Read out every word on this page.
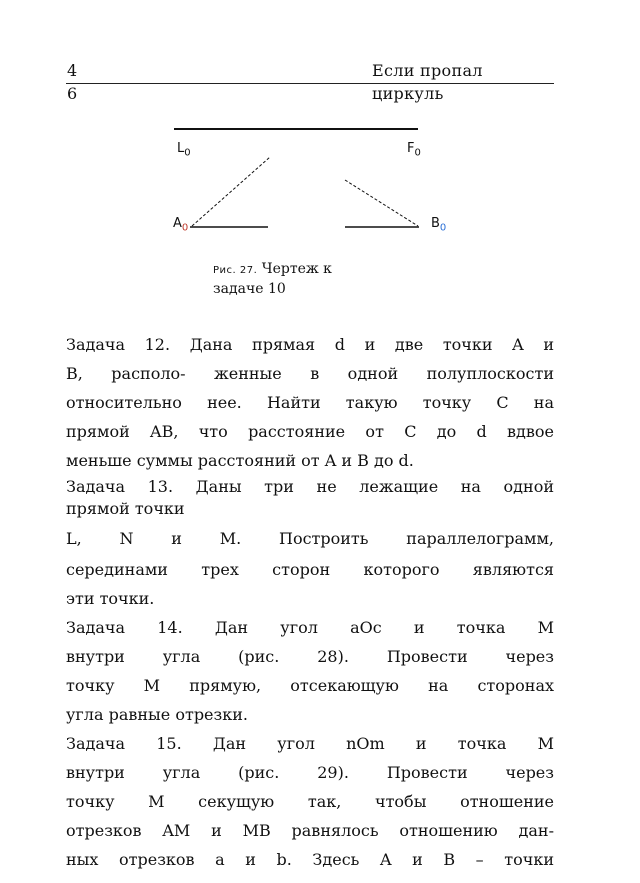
4
6
Если пропал
циркуль
$L_0$	$F_0$
$A_0$	$B_0$
Рис. 27. Чертеж к
задаче 10
Задача 12. Дана прямая d и две точки A и
B, располо- женные в одной полуплоскости
относительно нее. Найти такую точку C на
прямой AB, что расстояние от C до d вдвое
меньше суммы расстояний от A и B до d.
Задача 13. Даны три не лежащие на одной
прямой точки
L, N и M. Построить параллелограмм,
серединами трех сторон которого являются
эти точки.
Задача 14. Дан угол aOc и точка M
внутри угла (рис. 28). Провести через
точку M прямую, отсекающую на сторонах
угла равные отрезки.
Задача 15. Дан угол nOm и точка M
внутри угла (рис. 29). Провести через
точку M секущую так, чтобы отношение
отрезков AM и MB равнялось отношению дан-
ных отрезков a и b. Здесь A и B – точки
